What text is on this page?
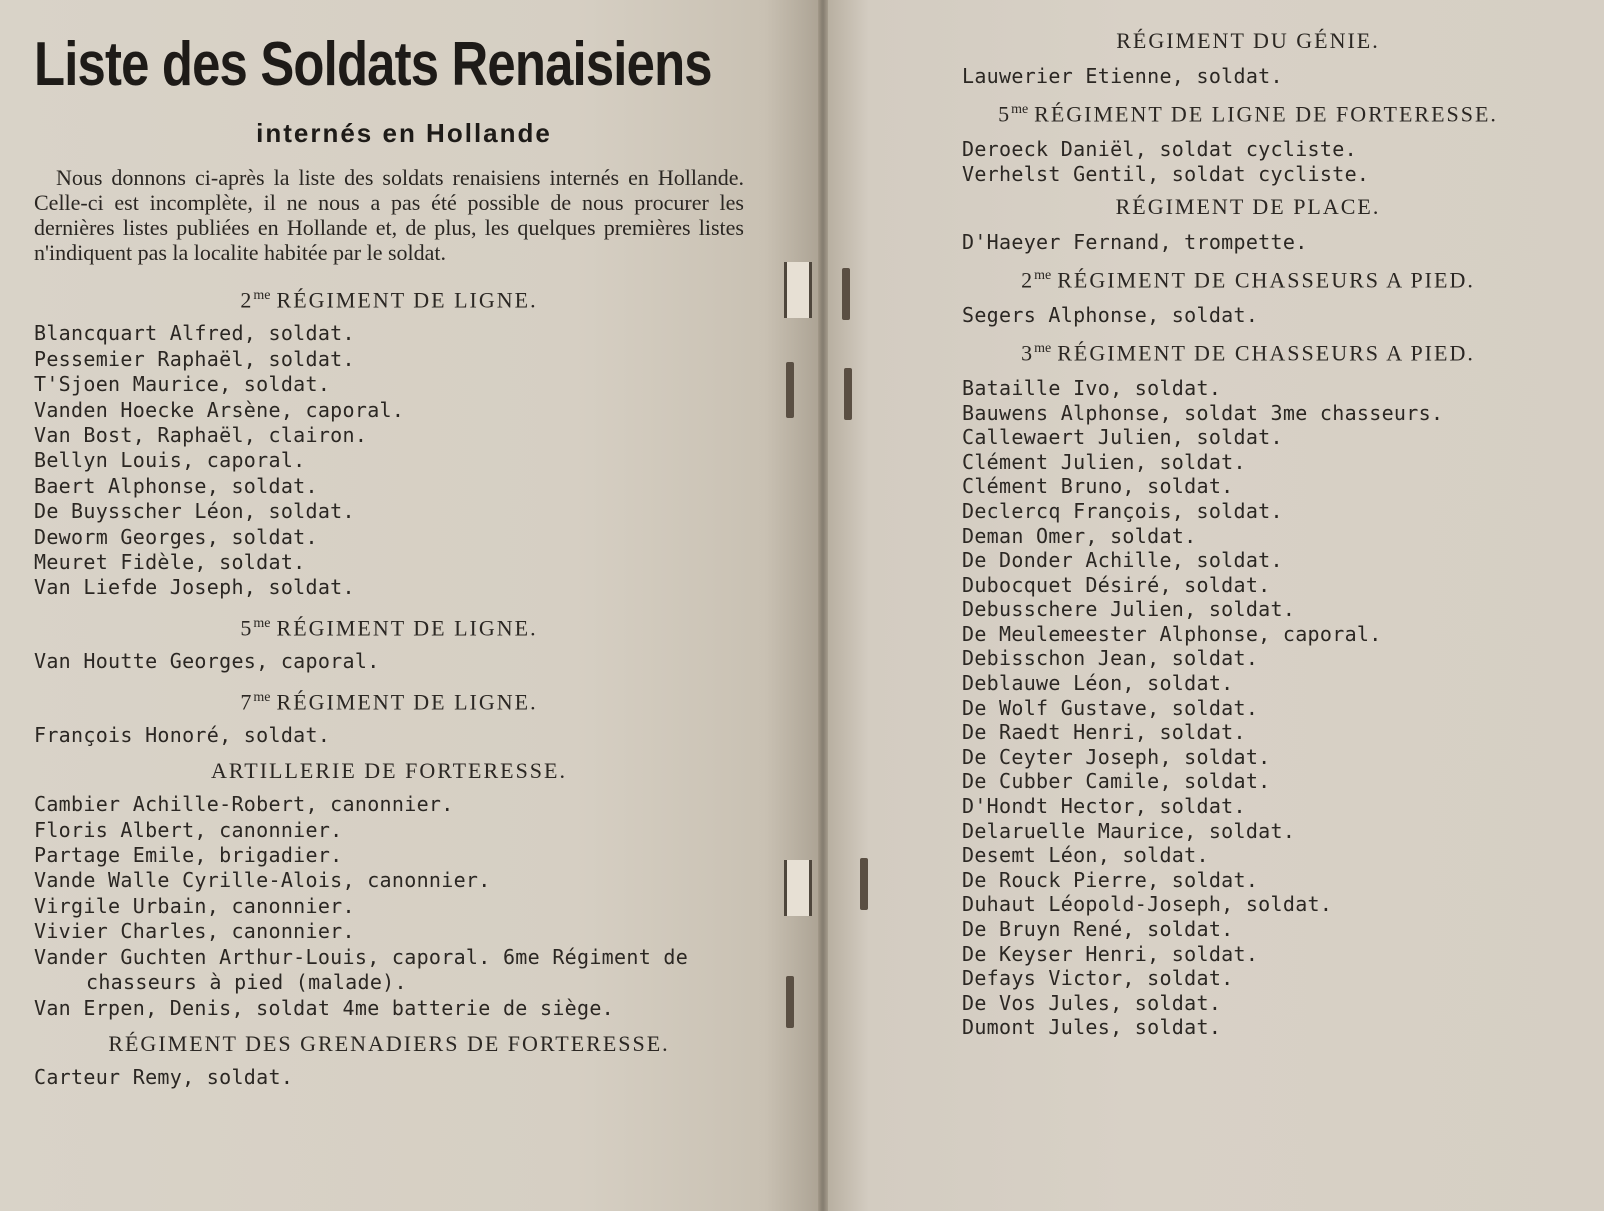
Liste des Soldats Renaisiens
internés en Hollande

Nous donnons ci-après la liste des soldats renaisiens internés en Hollande. Celle-ci est incomplète, il ne nous a pas été possible de nous procurer les dernières listes publiées en Hollande et, de plus, les quelques premières listes n'indiquent pas la localite habitée par le soldat.

$2^{me}$ RÉGIMENT DE LIGNE.
Blancquart Alfred, soldat.
Pessemier Raphaël, soldat.
T'Sjoen Maurice, soldat.
Vanden Hoecke Arsène, caporal.
Van Bost, Raphaël, clairon.
Bellyn Louis, caporal.
Baert Alphonse, soldat.
De Buysscher Léon, soldat.
Deworm Georges, soldat.
Meuret Fidèle, soldat.
Van Liefde Joseph, soldat.
$5^{me}$ RÉGIMENT DE LIGNE.
Van Houtte Georges, caporal.
$7^{me}$ RÉGIMENT DE LIGNE.
François Honoré, soldat.
ARTILLERIE DE FORTERESSE.
Cambier Achille-Robert, canonnier.
Floris Albert, canonnier.
Partage Emile, brigadier.
Vande Walle Cyrille-Alois, canonnier.
Virgile Urbain, canonnier.
Vivier Charles, canonnier.
Vander Guchten Arthur-Louis, caporal. 6me Régiment de chasseurs à pied (malade).
Van Erpen, Denis, soldat 4me batterie de siège.
RÉGIMENT DES GRENADIERS DE FORTERESSE.
Carteur Remy, soldat.
RÉGIMENT DU GÉNIE.
Lauwerier Etienne, soldat.
$5^{me}$ RÉGIMENT DE LIGNE DE FORTERESSE.
Deroeck Daniël, soldat cycliste.
Verhelst Gentil, soldat cycliste.
RÉGIMENT DE PLACE.
D'Haeyer Fernand, trompette.
$2^{me}$ RÉGIMENT DE CHASSEURS A PIED.
Segers Alphonse, soldat.
$3^{me}$ RÉGIMENT DE CHASSEURS A PIED.
Bataille Ivo, soldat.
Bauwens Alphonse, soldat 3me chasseurs.
Callewaert Julien, soldat.
Clément Julien, soldat.
Clément Bruno, soldat.
Declercq François, soldat.
Deman Omer, soldat.
De Donder Achille, soldat.
Dubocquet Désiré, soldat.
Debusschere Julien, soldat.
De Meulemeester Alphonse, caporal.
Debisschon Jean, soldat.
Deblauwe Léon, soldat.
De Wolf Gustave, soldat.
De Raedt Henri, soldat.
De Ceyter Joseph, soldat.
De Cubber Camile, soldat.
D'Hondt Hector, soldat.
Delaruelle Maurice, soldat.
Desemt Léon, soldat.
De Rouck Pierre, soldat.
Duhaut Léopold-Joseph, soldat.
De Bruyn René, soldat.
De Keyser Henri, soldat.
Defays Victor, soldat.
De Vos Jules, soldat.
Dumont Jules, soldat.
